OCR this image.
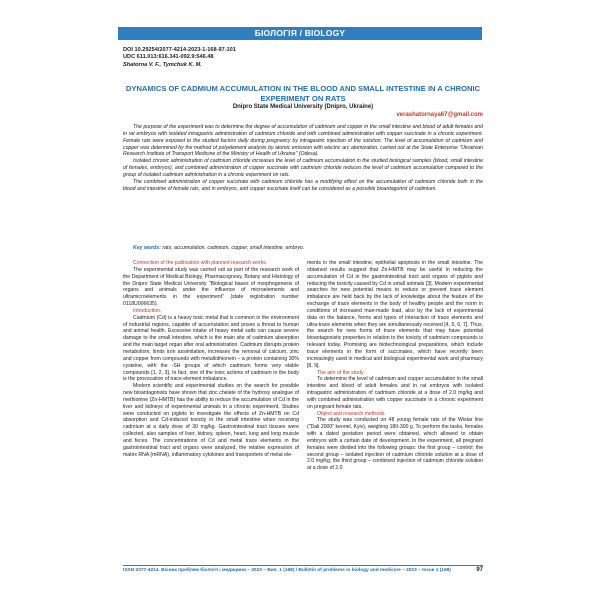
БІОЛОГІЯ / BIOLOGY
DOI 10.29254/2077-4214-2023-1-168-97-101
UDC 611.013:616.341-092.9:546.48
Shatorna V. F., Tymchuk K. M.
DYNAMICS OF CADMIUM ACCUMULATION IN THE BLOOD AND SMALL INTESTINE IN A CHRONIC EXPERIMENT ON RATS
Dnipro State Medical University (Dnipro, Ukraine)
verashatornaya67@gmail.com

The purpose of the experiment was to determine the degree of accumulation of cadmium and copper in the small intestine and blood of adult females and in rat embryos with isolated intragastric administration of cadmium chloride and with combined administration with copper succinate in a chronic experiment. Female rats were exposed to the studied factors daily during pregnancy by intragastric injection of the solution. The level of accumulation of cadmium and copper was determined by the method of polyelement analysis by atomic emission with electric arc atomization, carried out at the State Enterprise "Ukrainian Research Institute of Transport Medicine of the Ministry of Health of Ukraine" (Odesa).

Isolated chronic administration of cadmium chloride increases the level of cadmium accumulation in the studied biological samples (blood, small intestine of females, embryos), and combined administration of copper succinate with cadmium chloride reduces the level of cadmium accumulation compared to the group of isolated cadmium administration in a chronic experiment on rats.

The combined administration of copper succinate with cadmium chloride has a modifying effect on the accumulation of cadmium chloride both in the blood and intestine of female rats, and in embryos, and copper succinate itself can be considered as a possible bioantagonist of cadmium.

Key words: rats, accumulation, cadmium, copper, small intestine, embryo.

Connection of the publication with planned research works.

The experimental study was carried out as part of the research work of the Department of Medical Biology, Pharmacognosy, Botany and Histology of the Dnipro State Medical University "Biological bases of morphogenesis of organs and animals under the influence of microelements and ultramicroelements in the experiment" (state registration number 0118U006635).

Introduction.

Cadmium (Cd) is a heavy toxic metal that is common in the environment of industrial regions, capable of accumulation and poses a threat to human and animal health. Excessive intake of heavy metal salts can cause severe damage to the small intestine, which is the main site of cadmium absorption and the main target organ after oral administration. Cadmium disrupts protein metabolism, limits iron assimilation, increases the removal of calcium, zinc and copper from compounds with metallothionein – a protein containing 30% cysteine, with the -SH groups of which cadmium forms very stable compounds [1, 2, 3]. In fact, one of the toxic actions of cadmium in the body is the provocation of trace element imbalance.

Modern scientific and experimental studies on the search for possible new bioantagonists have shown that zinc chelate of the hydroxy analogue of methionine (Zn-HMTB) has the ability to reduce the accumulation of Cd in the liver and kidneys of experimental animals in a chronic experiment. Studies were conducted on piglets to investigate the effects of Zn-HMTB on Cd absorption and Cd-induced toxicity in the small intestine when receiving cadmium at a daily dose of 30 mg/kg. Gastrointestinal tract tissues were collected, also samples of liver, kidney, spleen, heart, lung and long muscle and feces. The concentrations of Cd and metal trace elements in the gastrointestinal tract and organs were analyzed, the relative expression of matrix RNA (mRNA), inflammatory cytokines and transporters of metal ele-

ments in the small intestine, epithelial apoptosis in the small intestine. The obtained results suggest that Zn-HMTB may be useful in reducing the accumulation of Cd in the gastrointestinal tract and organs of piglets and reducing the toxicity caused by Cd in small animals [3]. Modern experimental searches for new potential means to reduce or prevent trace element imbalance are held back by the lack of knowledge about the feature of the exchange of trace elements in the body of healthy people and the norm in conditions of increased man-made load, also by the lack of experimental data on the balance, forms and types of interaction of trace elements and ultra-trace elements when they are simultaneously received [4, 5, 6, 7]. Thus, the search for new forms of trace elements that may have potential bioantagonistic properties in relation to the toxicity of cadmium compounds is relevant today. Promising are biotechnological preparations, which include trace elements in the form of succinates, which have recently been increasingly used in medical and biological experimental work and pharmacy [8, 9].

The aim of the study.

To determine the level of cadmium and copper accumulation in the small intestine and blood of adult females and in rat embryos with isolated intragastric administration of cadmium chloride at a dose of 2.0 mg/kg and with combined administration with copper succinate in a chronic experiment on pregnant female rats.

Object and research methods.

The study was conducted on 48 young female rats of the Wistar line ("Dali 2000" kennel, Kyiv), weighing 180-300 g. To perform the tasks, females with a dated gestation period were obtained, which allowed to obtain embryos with a certain date of development. In the experiment, all pregnant females were divided into the following groups: the first group – control; the second group – isolated injection of cadmium chloride solution at a dose of 2.0 mg/kg; the third group – combined injection of cadmium chloride solution at a dose of 2.0

ISSN 2077-4214. Вісник проблем біології і медицини – 2023 – Вип. 1 (168) / Bulletin of problems in biology and medicine – 2023 – Issue 1 (168)	97
